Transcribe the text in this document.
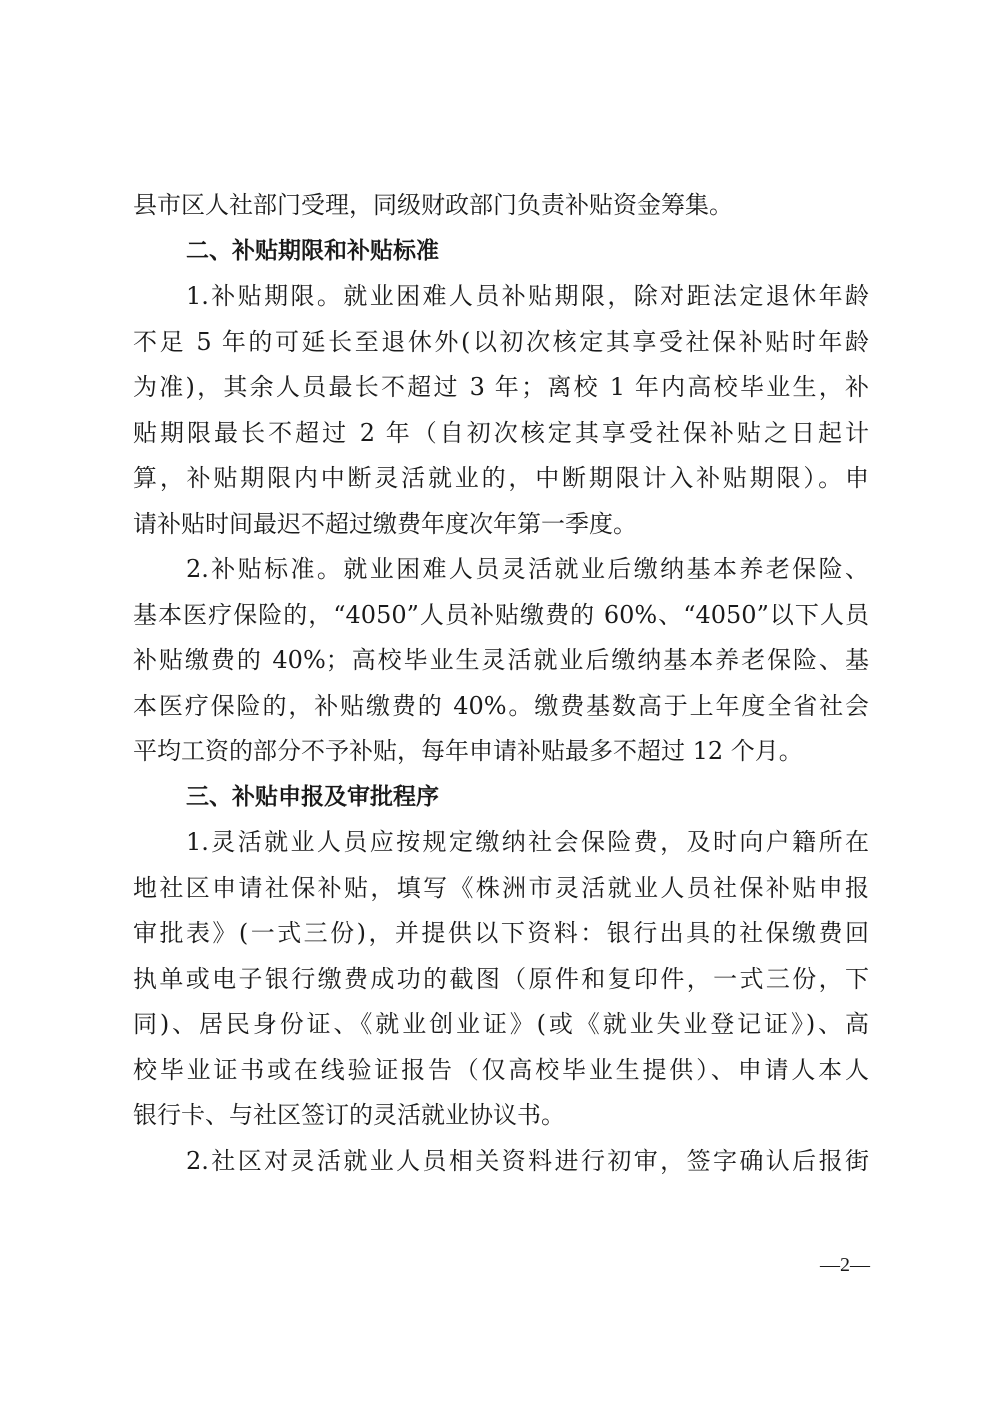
县市区人社部门受理，同级财政部门负责补贴资金筹集。
二、补贴期限和补贴标准
1.补贴期限。就业困难人员补贴期限，除对距法定退休年龄
不足 5 年的可延长至退休外(以初次核定其享受社保补贴时年龄
为准)，其余人员最长不超过 3 年；离校 1 年内高校毕业生，补
贴期限最长不超过 2 年（自初次核定其享受社保补贴之日起计
算，补贴期限内中断灵活就业的，中断期限计入补贴期限）。申
请补贴时间最迟不超过缴费年度次年第一季度。
2.补贴标准。就业困难人员灵活就业后缴纳基本养老保险、
基本医疗保险的，“4050”人员补贴缴费的 60%、“4050”以下人员
补贴缴费的 40%；高校毕业生灵活就业后缴纳基本养老保险、基
本医疗保险的，补贴缴费的 40%。缴费基数高于上年度全省社会
平均工资的部分不予补贴，每年申请补贴最多不超过 12 个月。
三、补贴申报及审批程序
1.灵活就业人员应按规定缴纳社会保险费，及时向户籍所在
地社区申请社保补贴，填写《株洲市灵活就业人员社保补贴申报
审批表》(一式三份)，并提供以下资料：银行出具的社保缴费回
执单或电子银行缴费成功的截图（原件和复印件，一式三份，下
同)、居民身份证、《就业创业证》(或《就业失业登记证》)、高
校毕业证书或在线验证报告（仅高校毕业生提供）、申请人本人
银行卡、与社区签订的灵活就业协议书。
2.社区对灵活就业人员相关资料进行初审，签字确认后报街
—2—
